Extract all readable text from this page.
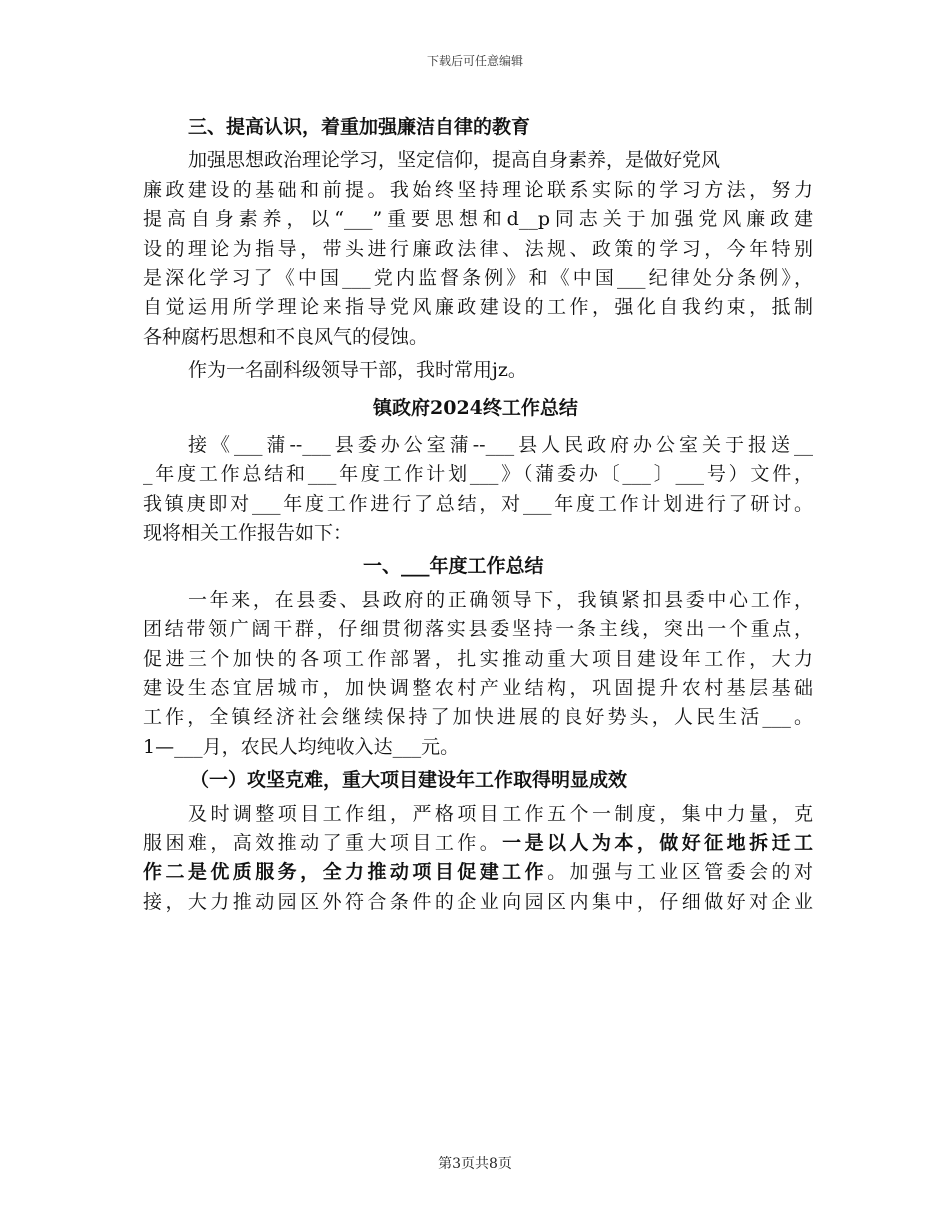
下载后可任意编辑
三、提高认识，着重加强廉洁自律的教育
加强思想政治理论学习，坚定信仰，提高自身素养，是做好党风
廉政建设的基础和前提。我始终坚持理论联系实际的学习方法，努力
提高自身素养，以“___”重要思想和d__p同志关于加强党风廉政建
设的理论为指导，带头进行廉政法律、法规、政策的学习，今年特别
是深化学习了《中国___党内监督条例》和《中国___纪律处分条例》，
自觉运用所学理论来指导党风廉政建设的工作，强化自我约束，抵制
各种腐朽思想和不良风气的侵蚀。
作为一名副科级领导干部，我时常用jz。
镇政府2024终工作总结
接《___蒲--___县委办公室蒲--___县人民政府办公室关于报送__
_年度工作总结和___年度工作计划___》（蒲委办〔___〕___号）文件，
我镇庚即对___年度工作进行了总结，对___年度工作计划进行了研讨。
现将相关工作报告如下：
一、___年度工作总结
一年来，在县委、县政府的正确领导下，我镇紧扣县委中心工作，
团结带领广阔干群，仔细贯彻落实县委坚持一条主线，突出一个重点，
促进三个加快的各项工作部署，扎实推动重大项目建设年工作，大力
建设生态宜居城市，加快调整农村产业结构，巩固提升农村基层基础
工作，全镇经济社会继续保持了加快进展的良好势头，人民生活___。
1—___月，农民人均纯收入达___元。
（一）攻坚克难，重大项目建设年工作取得明显成效
及时调整项目工作组，严格项目工作五个一制度，集中力量，克
服困难，高效推动了重大项目工作。一是以人为本，做好征地拆迁工
作二是优质服务，全力推动项目促建工作。加强与工业区管委会的对
接，大力推动园区外符合条件的企业向园区内集中，仔细做好对企业
第3页共8页
